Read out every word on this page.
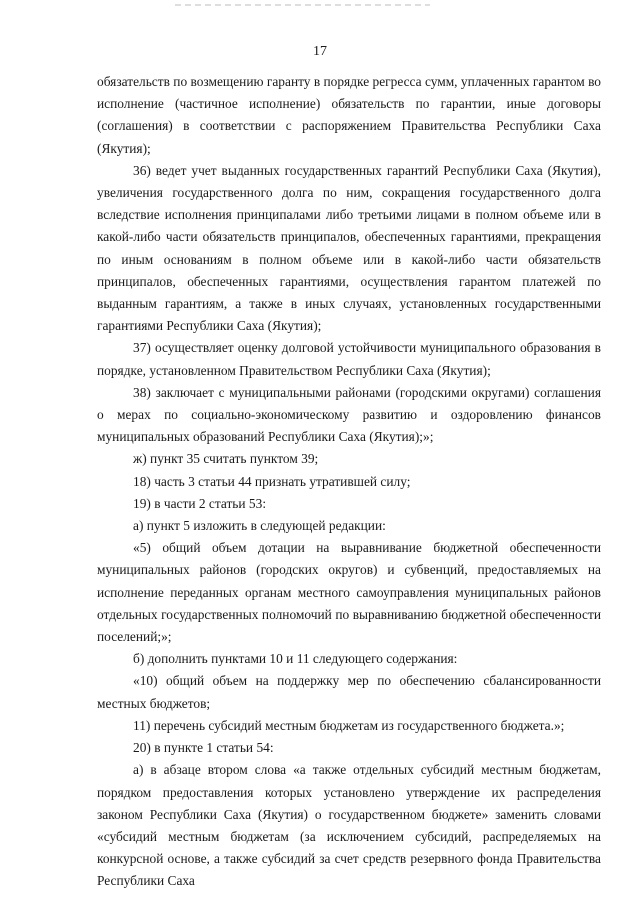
17

обязательств по возмещению гаранту в порядке регресса сумм, уплаченных гарантом во исполнение (частичное исполнение) обязательств по гарантии, иные договоры (соглашения) в соответствии с распоряжением Правительства Республики Саха (Якутия);

36) ведет учет выданных государственных гарантий Республики Саха (Якутия), увеличения государственного долга по ним, сокращения государственного долга вследствие исполнения принципалами либо третьими лицами в полном объеме или в какой-либо части обязательств принципалов, обеспеченных гарантиями, прекращения по иным основаниям в полном объеме или в какой-либо части обязательств принципалов, обеспеченных гарантиями, осуществления гарантом платежей по выданным гарантиям, а также в иных случаях, установленных государственными гарантиями Республики Саха (Якутия);

37) осуществляет оценку долговой устойчивости муниципального образования в порядке, установленном Правительством Республики Саха (Якутия);

38) заключает с муниципальными районами (городскими округами) соглашения о мерах по социально-экономическому развитию и оздоровлению финансов муниципальных образований Республики Саха (Якутия);»;

ж) пункт 35 считать пунктом 39;

18) часть 3 статьи 44 признать утратившей силу;

19) в части 2 статьи 53:

а) пункт 5 изложить в следующей редакции:

«5) общий объем дотации на выравнивание бюджетной обеспеченности муниципальных районов (городских округов) и субвенций, предоставляемых на исполнение переданных органам местного самоуправления муниципальных районов отдельных государственных полномочий по выравниванию бюджетной обеспеченности поселений;»;

б) дополнить пунктами 10 и 11 следующего содержания:

«10) общий объем на поддержку мер по обеспечению сбалансированности местных бюджетов;

11) перечень субсидий местным бюджетам из государственного бюджета.»;

20) в пункте 1 статьи 54:

а) в абзаце втором слова «а также отдельных субсидий местным бюджетам, порядком предоставления которых установлено утверждение их распределения законом Республики Саха (Якутия) о государственном бюджете» заменить словами «субсидий местным бюджетам (за исключением субсидий, распределяемых на конкурсной основе, а также субсидий за счет средств резервного фонда Правительства Республики Саха
